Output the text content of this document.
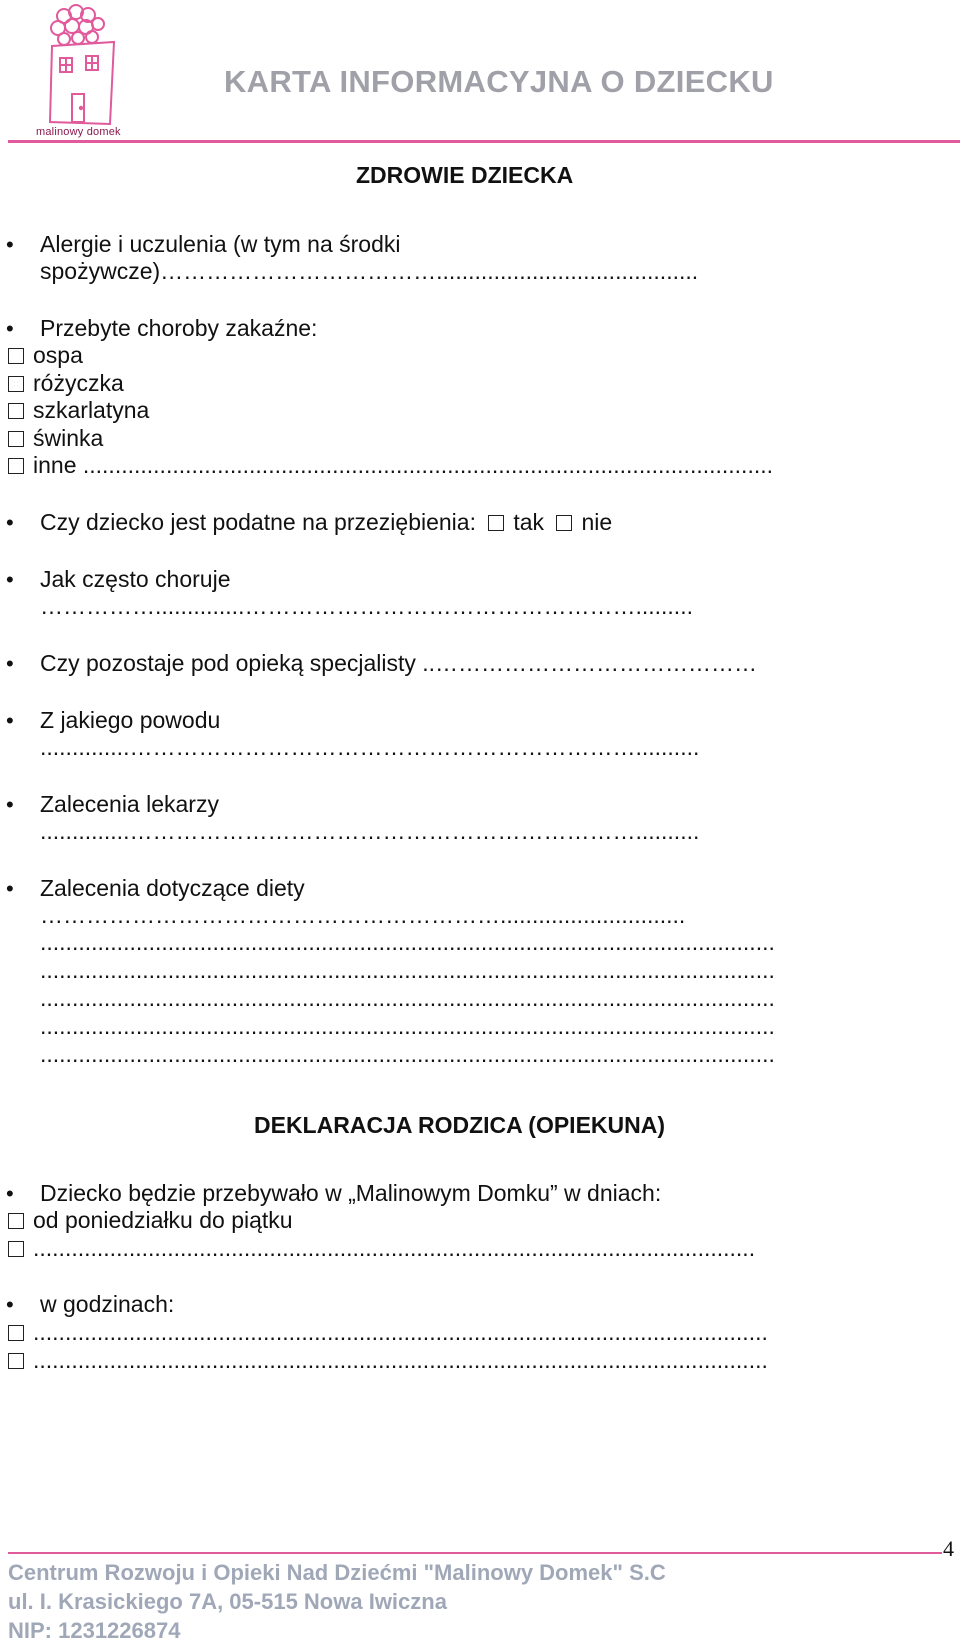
malinowy domek
KARTA INFORMACYJNA O DZIECKU
ZDROWIE DZIECKA
• Alergie i uczulenia (w tym na środki
spożywcze)……………………………….........................................
• Przebyte choroby zakaźne:
ospa
różyczka
szkarlatyna
świnka
inne ............................................................................................................
• Czy dziecko jest podatne na przeziębienia: tak nie
• Jak często choruje
……………..............…………………………………………….........
• Czy pozostaje pod opieką specjalisty ..……………………………………
• Z jakiego powodu
..............…………………………………………………………..........
• Zalecenia lekarzy
..............…………………………………………………………..........
• Zalecenia dotyczące diety
…………………………………………………….............................
...................................................................................................................
...................................................................................................................
...................................................................................................................
...................................................................................................................
...................................................................................................................
DEKLARACJA RODZICA (OPIEKUNA)
• Dziecko będzie przebywało w „Malinowym Domku” w dniach:
od poniedziałku do piątku
.................................................................................................................
• w godzinach:
...................................................................................................................
...................................................................................................................
4
Centrum Rozwoju i Opieki Nad Dziećmi "Malinowy Domek" S.C
ul. I. Krasickiego 7A, 05-515 Nowa Iwiczna
NIP: 1231226874
